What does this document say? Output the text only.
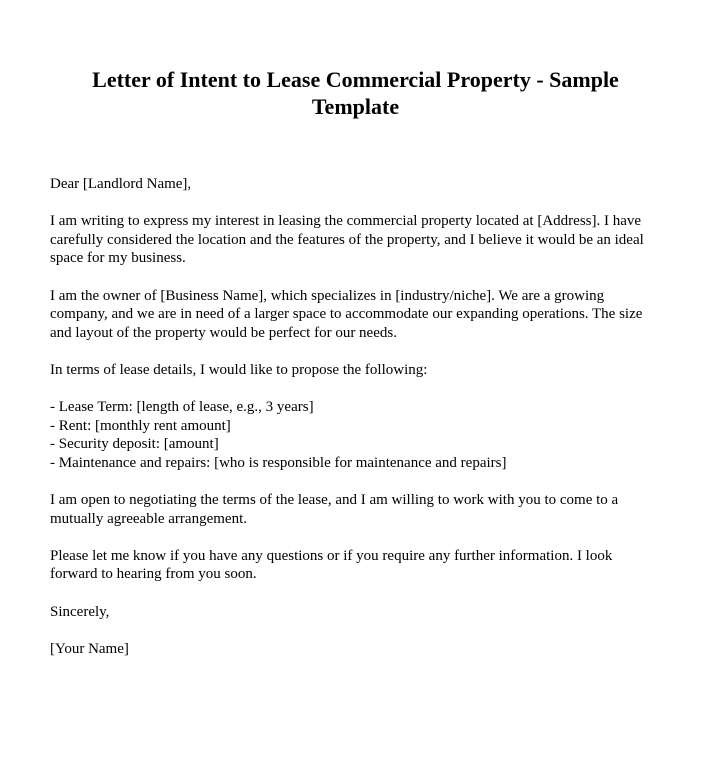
Letter of Intent to Lease Commercial Property - Sample
Template

Dear [Landlord Name],

I am writing to express my interest in leasing the commercial property located at [Address]. I have carefully considered the location and the features of the property, and I believe it would be an ideal space for my business.

I am the owner of [Business Name], which specializes in [industry/niche]. We are a growing company, and we are in need of a larger space to accommodate our expanding operations. The size and layout of the property would be perfect for our needs.

In terms of lease details, I would like to propose the following:

- Lease Term: [length of lease, e.g., 3 years]
- Rent: [monthly rent amount]
- Security deposit: [amount]
- Maintenance and repairs: [who is responsible for maintenance and repairs]

I am open to negotiating the terms of the lease, and I am willing to work with you to come to a mutually agreeable arrangement.

Please let me know if you have any questions or if you require any further information. I look forward to hearing from you soon.

Sincerely,

[Your Name]
